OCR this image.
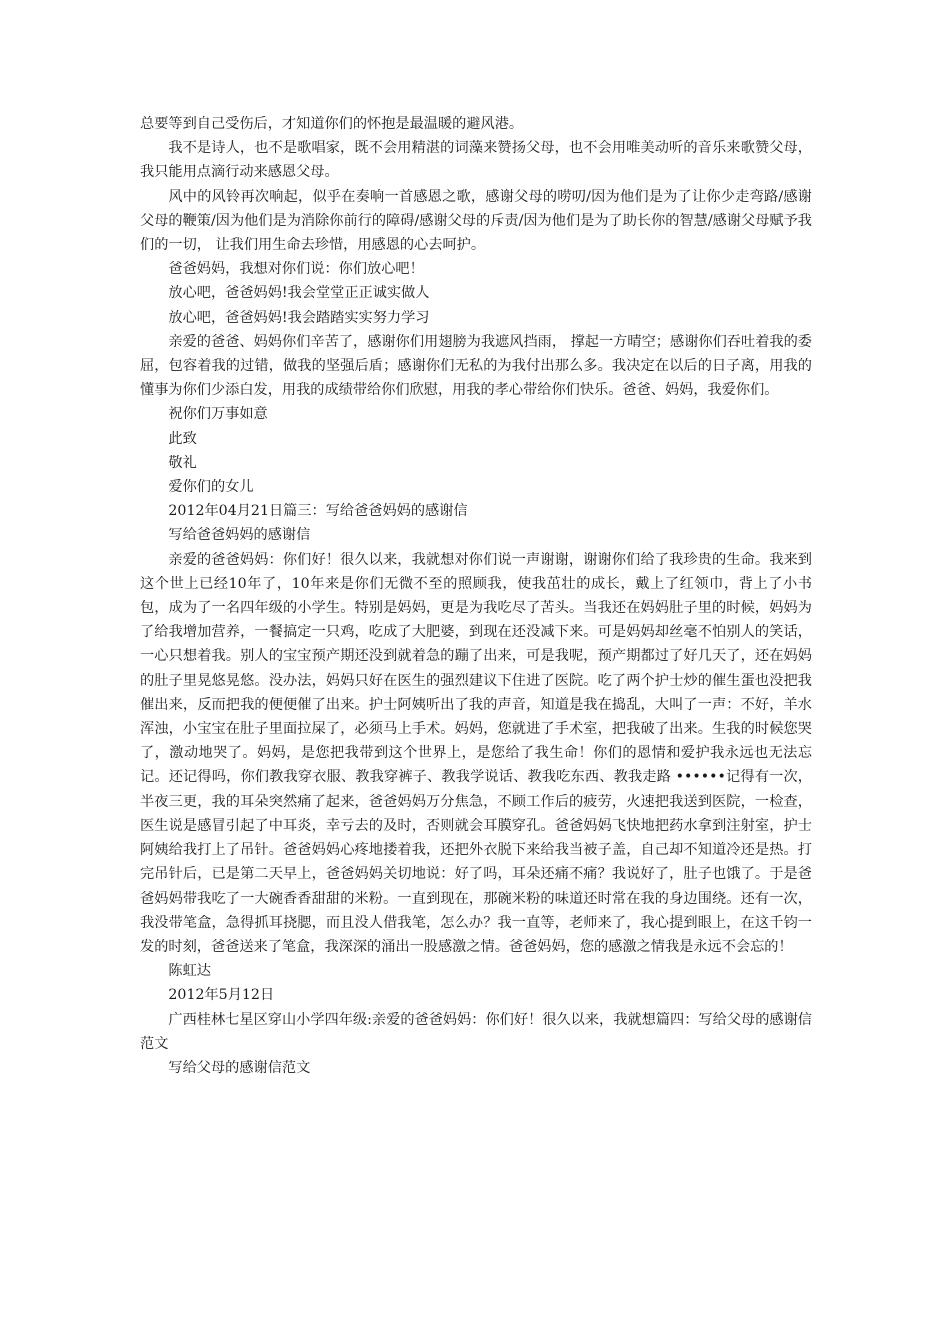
总要等到自己受伤后，才知道你们的怀抱是最温暖的避风港。

我不是诗人，也不是歌唱家，既不会用精湛的词藻来赞扬父母，也不会用唯美动听的音乐来歌赞父母，我只能用点滴行动来感恩父母。

风中的风铃再次响起，似乎在奏响一首感恩之歌，感谢父母的唠叨/因为他们是为了让你少走弯路/感谢父母的鞭策/因为他们是为消除你前行的障碍/感谢父母的斥责/因为他们是为了助长你的智慧/感谢父母赋予我们的一切， 让我们用生命去珍惜，用感恩的心去呵护。

爸爸妈妈，我想对你们说：你们放心吧！

放心吧，爸爸妈妈!我会堂堂正正诚实做人

放心吧，爸爸妈妈!我会踏踏实实努力学习

亲爱的爸爸、妈妈你们辛苦了，感谢你们用翅膀为我遮风挡雨， 撑起一方晴空；感谢你们吞吐着我的委屈，包容着我的过错，做我的坚强后盾；感谢你们无私的为我付出那么多。我决定在以后的日子离，用我的懂事为你们少添白发，用我的成绩带给你们欣慰，用我的孝心带给你们快乐。爸爸、妈妈，我爱你们。

祝你们万事如意

此致

敬礼

爱你们的女儿

2012年04月21日篇三：写给爸爸妈妈的感谢信

写给爸爸妈妈的感谢信

亲爱的爸爸妈妈：你们好！很久以来，我就想对你们说一声谢谢，谢谢你们给了我珍贵的生命。我来到这个世上已经10年了，10年来是你们无微不至的照顾我，使我茁壮的成长，戴上了红领巾，背上了小书包，成为了一名四年级的小学生。特别是妈妈，更是为我吃尽了苦头。当我还在妈妈肚子里的时候，妈妈为了给我增加营养，一餐搞定一只鸡，吃成了大肥婆，到现在还没减下来。可是妈妈却丝毫不怕别人的笑话，一心只想着我。别人的宝宝预产期还没到就着急的蹦了出来，可是我呢，预产期都过了好几天了，还在妈妈的肚子里晃悠晃悠。没办法，妈妈只好在医生的强烈建议下住进了医院。吃了两个护士炒的催生蛋也没把我催出来，反而把我的便便催了出来。护士阿姨听出了我的声音，知道是我在捣乱，大叫了一声：不好，羊水浑浊，小宝宝在肚子里面拉屎了，必须马上手术。妈妈，您就进了手术室，把我破了出来。生我的时候您哭了，激动地哭了。妈妈，是您把我带到这个世界上，是您给了我生命！你们的恩情和爱护我永远也无法忘记。还记得吗，你们教我穿衣服、教我穿裤子、教我学说话、教我吃东西、教我走路 ••••••记得有一次，半夜三更，我的耳朵突然痛了起来，爸爸妈妈万分焦急，不顾工作后的疲劳，火速把我送到医院，一检查，医生说是感冒引起了中耳炎，幸亏去的及时，否则就会耳膜穿孔。爸爸妈妈飞快地把药水拿到注射室，护士阿姨给我打上了吊针。爸爸妈妈心疼地搂着我，还把外衣脱下来给我当被子盖，自己却不知道冷还是热。打完吊针后，已是第二天早上，爸爸妈妈关切地说：好了吗，耳朵还痛不痛？我说好了，肚子也饿了。于是爸爸妈妈带我吃了一大碗香香甜甜的米粉。一直到现在，那碗米粉的味道还时常在我的身边围绕。还有一次，我没带笔盒，急得抓耳挠腮，而且没人借我笔，怎么办？我一直等，老师来了，我心提到眼上，在这千钧一发的时刻，爸爸送来了笔盒，我深深的涌出一股感激之情。爸爸妈妈，您的感激之情我是永远不会忘的！

陈虹达

2012年5月12日

广西桂林七星区穿山小学四年级:亲爱的爸爸妈妈：你们好！很久以来，我就想篇四：写给父母的感谢信范文

写给父母的感谢信范文
